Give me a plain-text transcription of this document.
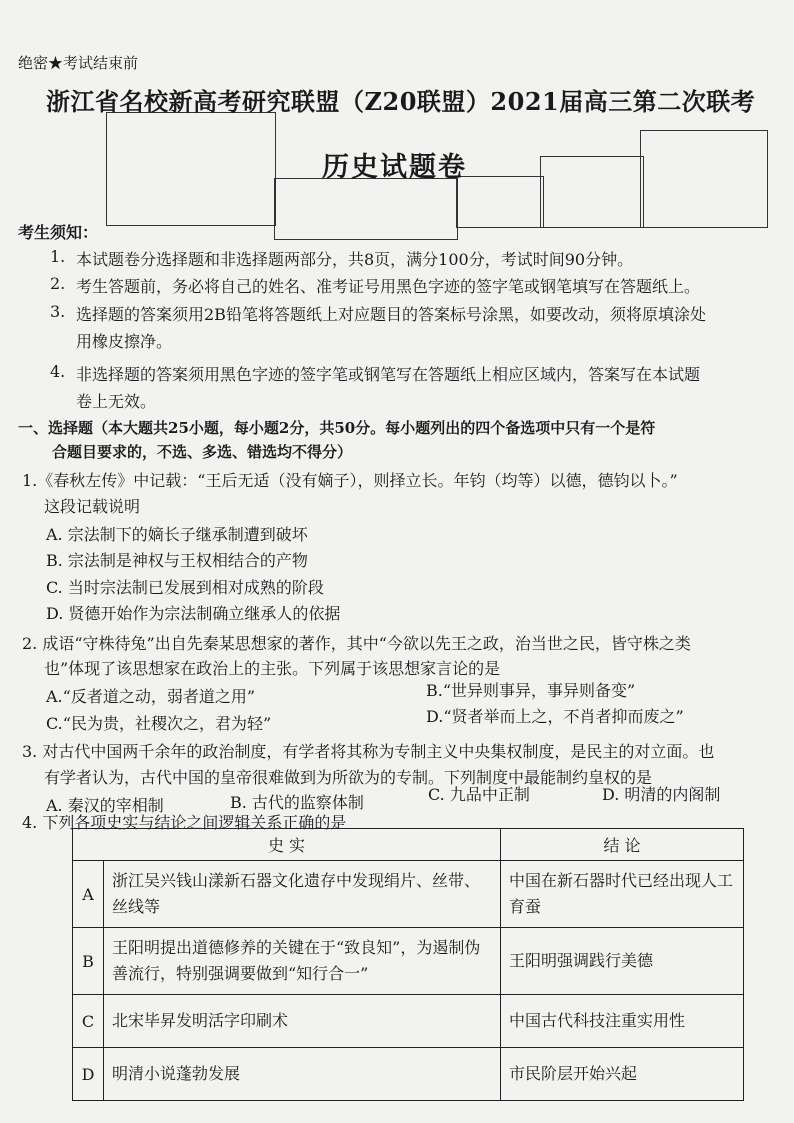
绝密★考试结束前
浙江省名校新高考研究联盟（Z20联盟）2021届高三第二次联考
历史试题卷
考生须知：
1. 本试题卷分选择题和非选择题两部分，共8页，满分100分，考试时间90分钟。
2. 考生答题前，务必将自己的姓名、准考证号用黑色字迹的签字笔或钢笔填写在答题纸上。
3. 选择题的答案须用2B铅笔将答题纸上对应题目的答案标号涂黑，如要改动，须将原填涂处
用橡皮擦净。
4. 非选择题的答案须用黑色字迹的签字笔或钢笔写在答题纸上相应区域内，答案写在本试题
卷上无效。
一、选择题（本大题共25小题，每小题2分，共50分。每小题列出的四个备选项中只有一个是符
合题目要求的，不选、多选、错选均不得分）
1.《春秋左传》中记载：“王后无适（没有嫡子），则择立长。年钧（均等）以德，德钧以卜。”
这段记载说明
A. 宗法制下的嫡长子继承制遭到破坏
B. 宗法制是神权与王权相结合的产物
C. 当时宗法制已发展到相对成熟的阶段
D. 贤德开始作为宗法制确立继承人的依据
2. 成语“守株待兔”出自先秦某思想家的著作，其中“今欲以先王之政，治当世之民，皆守株之类
也”体现了该思想家在政治上的主张。下列属于该思想家言论的是
A.“反者道之动，弱者道之用”	B.“世异则事异，事异则备变”
C.“民为贵，社稷次之，君为轻”	D.“贤者举而上之，不肖者抑而废之”
3. 对古代中国两千余年的政治制度，有学者将其称为专制主义中央集权制度，是民主的对立面。也
有学者认为，古代中国的皇帝很难做到为所欲为的专制。下列制度中最能制约皇权的是
A. 秦汉的宰相制	B. 古代的监察体制	C. 九品中正制	D. 明清的内阁制
4. 下列各项史实与结论之间逻辑关系正确的是
史 实		结 论
A	浙江吴兴钱山漾新石器文化遗存中发现绢片、丝带、丝线等	中国在新石器时代已经出现人工育蚕
B	王阳明提出道德修养的关键在于“致良知”，为遏制伪善流行，特别强调要做到“知行合一”	王阳明强调践行美德
C	北宋毕昇发明活字印刷术	中国古代科技注重实用性
D	明清小说蓬勃发展	市民阶层开始兴起
